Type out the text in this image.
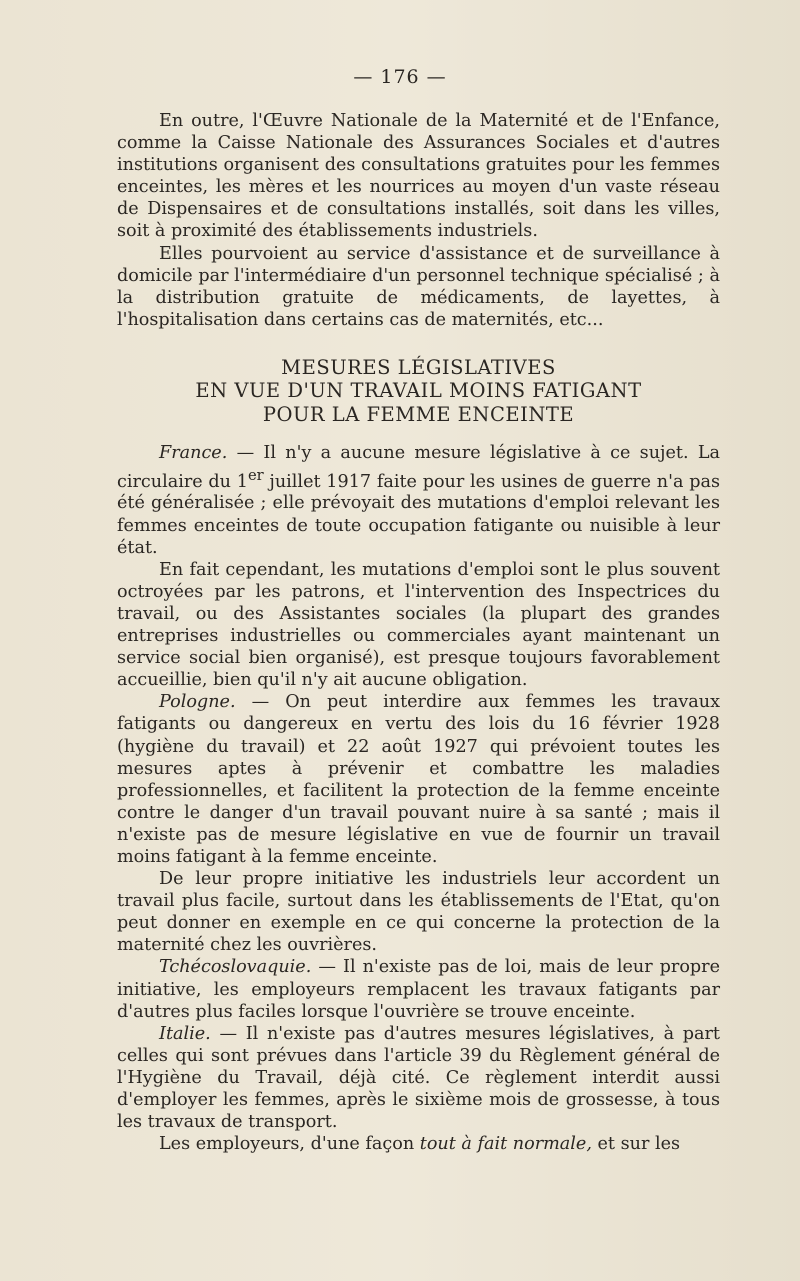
— 176 —

En outre, l'Œuvre Nationale de la Maternité et de l'Enfance, comme la Caisse Nationale des Assurances Sociales et d'autres institutions organisent des consultations gratuites pour les femmes enceintes, les mères et les nourrices au moyen d'un vaste réseau de Dispensaires et de consultations installés, soit dans les villes, soit à proximité des établissements industriels.

Elles pourvoient au service d'assistance et de surveillance à domicile par l'intermédiaire d'un personnel technique spécialisé ; à la distribution gratuite de médicaments, de layettes, à l'hospitalisation dans certains cas de maternités, etc...

MESURES LÉGISLATIVES
EN VUE D'UN TRAVAIL MOINS FATIGANT
POUR LA FEMME ENCEINTE

France. — Il n'y a aucune mesure législative à ce sujet. La circulaire du 1er juillet 1917 faite pour les usines de guerre n'a pas été généralisée ; elle prévoyait des mutations d'emploi relevant les femmes enceintes de toute occupation fatigante ou nuisible à leur état.

En fait cependant, les mutations d'emploi sont le plus souvent octroyées par les patrons, et l'intervention des Inspectrices du travail, ou des Assistantes sociales (la plupart des grandes entreprises industrielles ou commerciales ayant maintenant un service social bien organisé), est presque toujours favorablement accueillie, bien qu'il n'y ait aucune obligation.

Pologne. — On peut interdire aux femmes les travaux fatigants ou dangereux en vertu des lois du 16 février 1928 (hygiène du travail) et 22 août 1927 qui prévoient toutes les mesures aptes à prévenir et combattre les maladies professionnelles, et facilitent la protection de la femme enceinte contre le danger d'un travail pouvant nuire à sa santé ; mais il n'existe pas de mesure législative en vue de fournir un travail moins fatigant à la femme enceinte.

De leur propre initiative les industriels leur accordent un travail plus facile, surtout dans les établissements de l'Etat, qu'on peut donner en exemple en ce qui concerne la protection de la maternité chez les ouvrières.

Tchécoslovaquie. — Il n'existe pas de loi, mais de leur propre initiative, les employeurs remplacent les travaux fatigants par d'autres plus faciles lorsque l'ouvrière se trouve enceinte.

Italie. — Il n'existe pas d'autres mesures législatives, à part celles qui sont prévues dans l'article 39 du Règlement général de l'Hygiène du Travail, déjà cité. Ce règlement interdit aussi d'employer les femmes, après le sixième mois de grossesse, à tous les travaux de transport.

Les employeurs, d'une façon tout à fait normale, et sur les
